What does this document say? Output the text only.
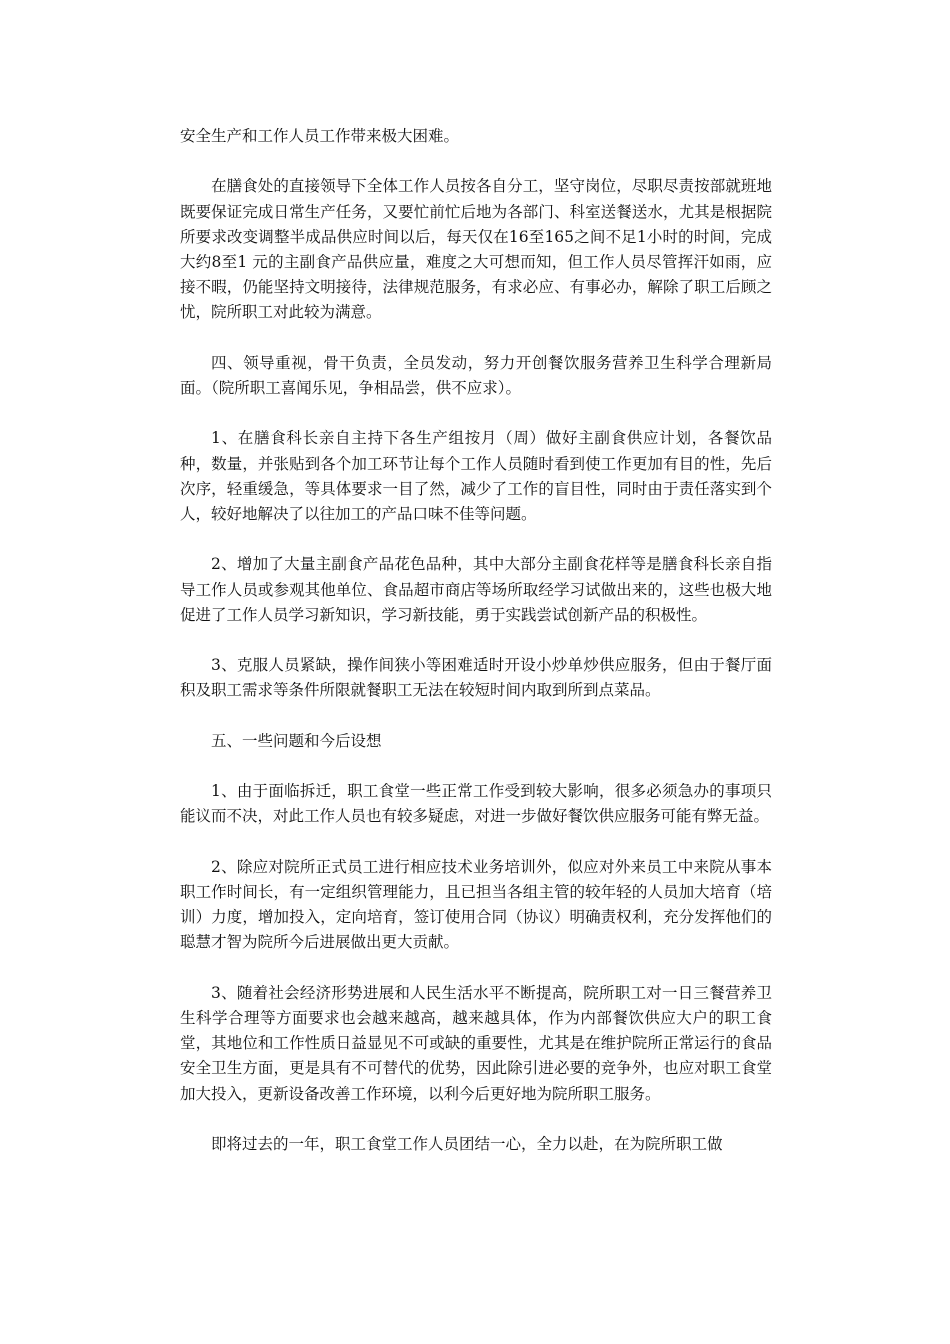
安全生产和工作人员工作带来极大困难。

在膳食处的直接领导下全体工作人员按各自分工，坚守岗位，尽职尽责按部就班地既要保证完成日常生产任务，又要忙前忙后地为各部门、科室送餐送水，尤其是根据院所要求改变调整半成品供应时间以后，每天仅在16至165之间不足1小时的时间，完成大约8至1 元的主副食产品供应量，难度之大可想而知，但工作人员尽管挥汗如雨，应接不暇，仍能坚持文明接待，法律规范服务，有求必应、有事必办，解除了职工后顾之忧，院所职工对此较为满意。

四、领导重视，骨干负责，全员发动，努力开创餐饮服务营养卫生科学合理新局面。（院所职工喜闻乐见，争相品尝，供不应求）。

1、在膳食科长亲自主持下各生产组按月（周）做好主副食供应计划，各餐饮品种，数量，并张贴到各个加工环节让每个工作人员随时看到使工作更加有目的性，先后次序，轻重缓急，等具体要求一目了然，减少了工作的盲目性，同时由于责任落实到个人，较好地解决了以往加工的产品口味不佳等问题。

2、增加了大量主副食产品花色品种，其中大部分主副食花样等是膳食科长亲自指导工作人员或参观其他单位、食品超市商店等场所取经学习试做出来的，这些也极大地促进了工作人员学习新知识，学习新技能，勇于实践尝试创新产品的积极性。

3、克服人员紧缺，操作间狭小等困难适时开设小炒单炒供应服务，但由于餐厅面积及职工需求等条件所限就餐职工无法在较短时间内取到所到点菜品。

五、一些问题和今后设想

1、由于面临拆迁，职工食堂一些正常工作受到较大影响，很多必须急办的事项只能议而不决，对此工作人员也有较多疑虑，对进一步做好餐饮供应服务可能有弊无益。

2、除应对院所正式员工进行相应技术业务培训外，似应对外来员工中来院从事本职工作时间长，有一定组织管理能力，且已担当各组主管的较年轻的人员加大培育（培训）力度，增加投入，定向培育，签订使用合同（协议）明确责权利，充分发挥他们的聪慧才智为院所今后进展做出更大贡献。

3、随着社会经济形势进展和人民生活水平不断提高，院所职工对一日三餐营养卫生科学合理等方面要求也会越来越高，越来越具体，作为内部餐饮供应大户的职工食堂，其地位和工作性质日益显见不可或缺的重要性，尤其是在维护院所正常运行的食品安全卫生方面，更是具有不可替代的优势，因此除引进必要的竞争外，也应对职工食堂加大投入，更新设备改善工作环境，以利今后更好地为院所职工服务。

即将过去的一年，职工食堂工作人员团结一心，全力以赴，在为院所职工做
